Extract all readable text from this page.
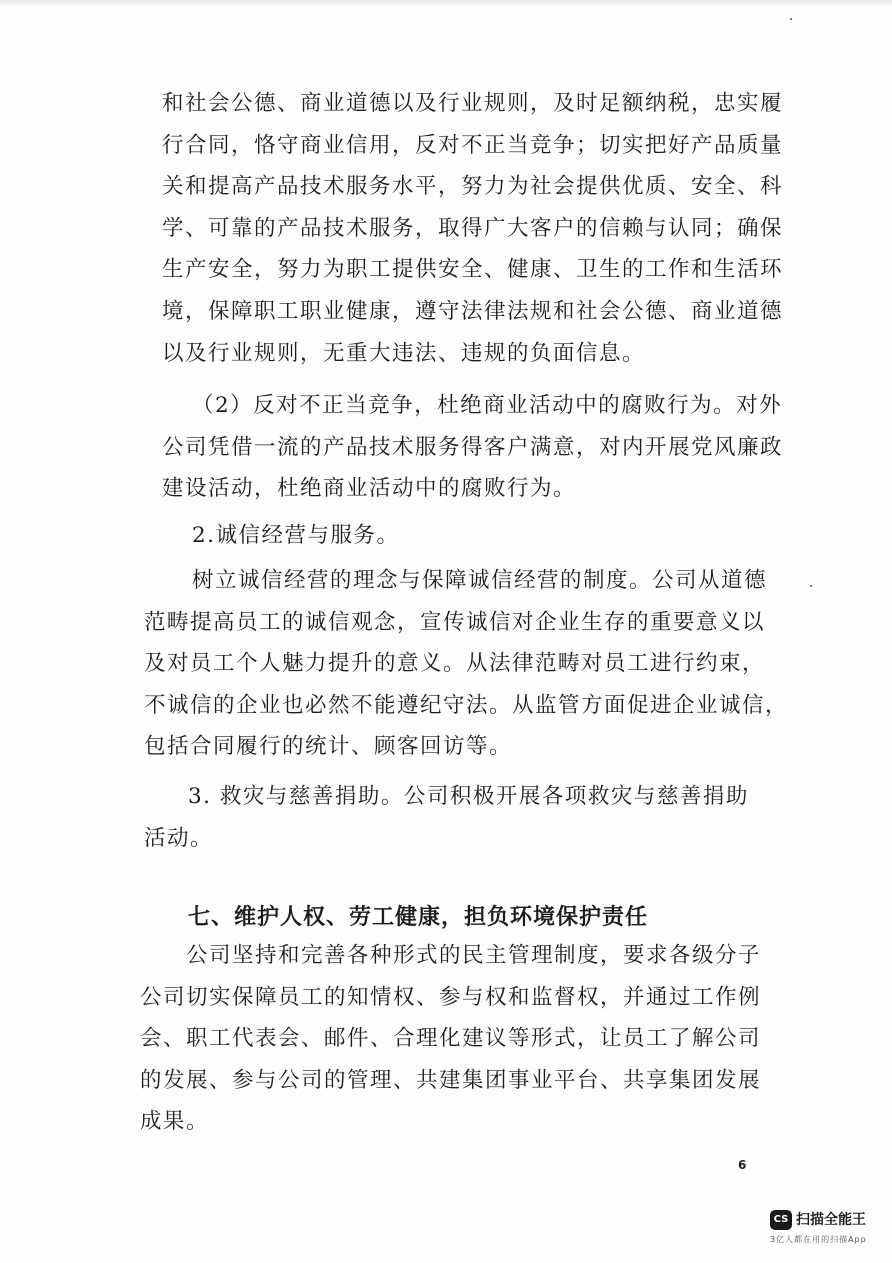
和社会公德、商业道德以及行业规则，及时足额纳税，忠实履
行合同，恪守商业信用，反对不正当竞争；切实把好产品质量
关和提高产品技术服务水平，努力为社会提供优质、安全、科
学、可靠的产品技术服务，取得广大客户的信赖与认同；确保
生产安全，努力为职工提供安全、健康、卫生的工作和生活环
境，保障职工职业健康，遵守法律法规和社会公德、商业道德
以及行业规则，无重大违法、违规的负面信息。
（2）反对不正当竞争，杜绝商业活动中的腐败行为。对外
公司凭借一流的产品技术服务得客户满意，对内开展党风廉政
建设活动，杜绝商业活动中的腐败行为。
2.诚信经营与服务。
树立诚信经营的理念与保障诚信经营的制度。公司从道德
范畴提高员工的诚信观念，宣传诚信对企业生存的重要意义以
及对员工个人魅力提升的意义。从法律范畴对员工进行约束，
不诚信的企业也必然不能遵纪守法。从监管方面促进企业诚信，
包括合同履行的统计、顾客回访等。
3. 救灾与慈善捐助。公司积极开展各项救灾与慈善捐助
活动。
七、维护人权、劳工健康，担负环境保护责任
公司坚持和完善各种形式的民主管理制度，要求各级分子
公司切实保障员工的知情权、参与权和监督权，并通过工作例
会、职工代表会、邮件、合理化建议等形式，让员工了解公司
的发展、参与公司的管理、共建集团事业平台、共享集团发展
成果。
6
CS 扫描全能王
3亿人都在用的扫描App
